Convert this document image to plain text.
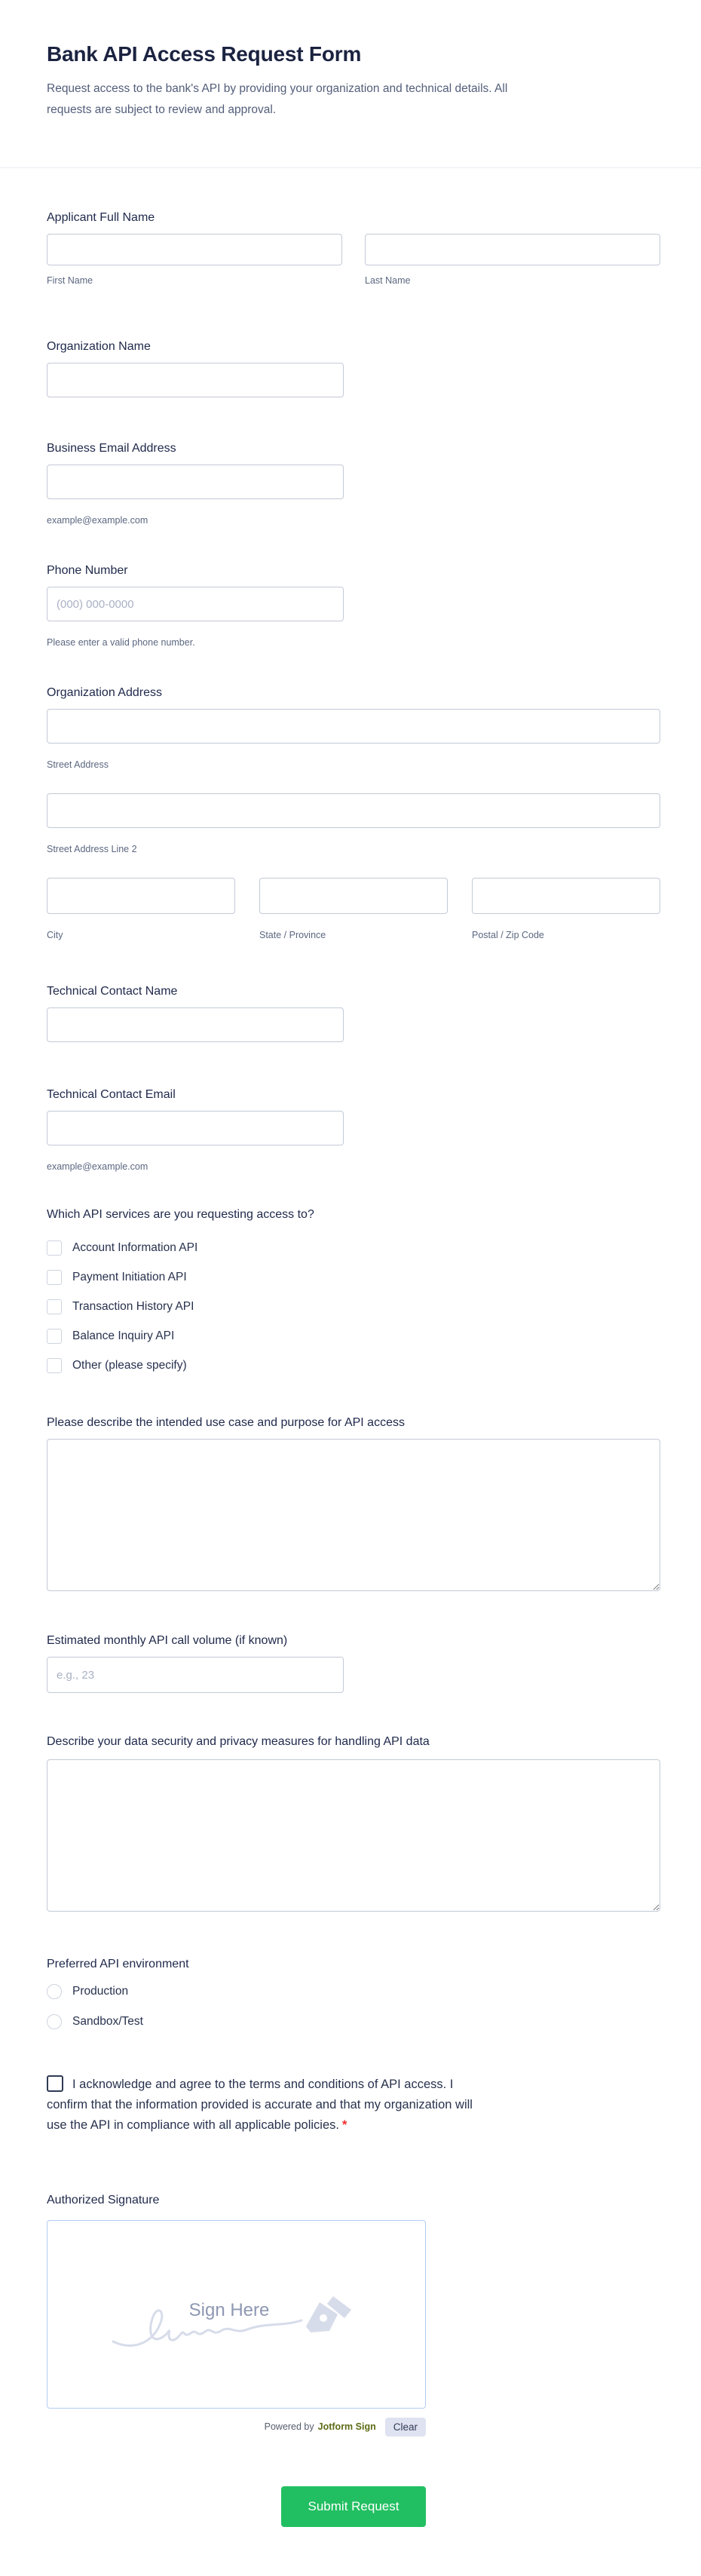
Bank API Access Request Form

Request access to the bank's API by providing your organization and technical details. All requests are subject to review and approval.

Applicant Full Name
First Name	Last Name
Organization Name
Business Email Address
example@example.com
Phone Number
(000) 000-0000
Please enter a valid phone number.
Organization Address
Street Address
Street Address Line 2
City	State / Province	Postal / Zip Code
Technical Contact Name
Technical Contact Email
example@example.com
Which API services are you requesting access to?
Account Information API
Payment Initiation API
Transaction History API
Balance Inquiry API
Other (please specify)
Please describe the intended use case and purpose for API access
Estimated monthly API call volume (if known)
e.g., 23
Describe your data security and privacy measures for handling API data
Preferred API environment
Production
Sandbox/Test
I acknowledge and agree to the terms and conditions of API access. I confirm that the information provided is accurate and that my organization will use the API in compliance with all applicable policies. *
Authorized Signature
Sign Here
Powered by Jotform Sign	Clear
Submit Request
